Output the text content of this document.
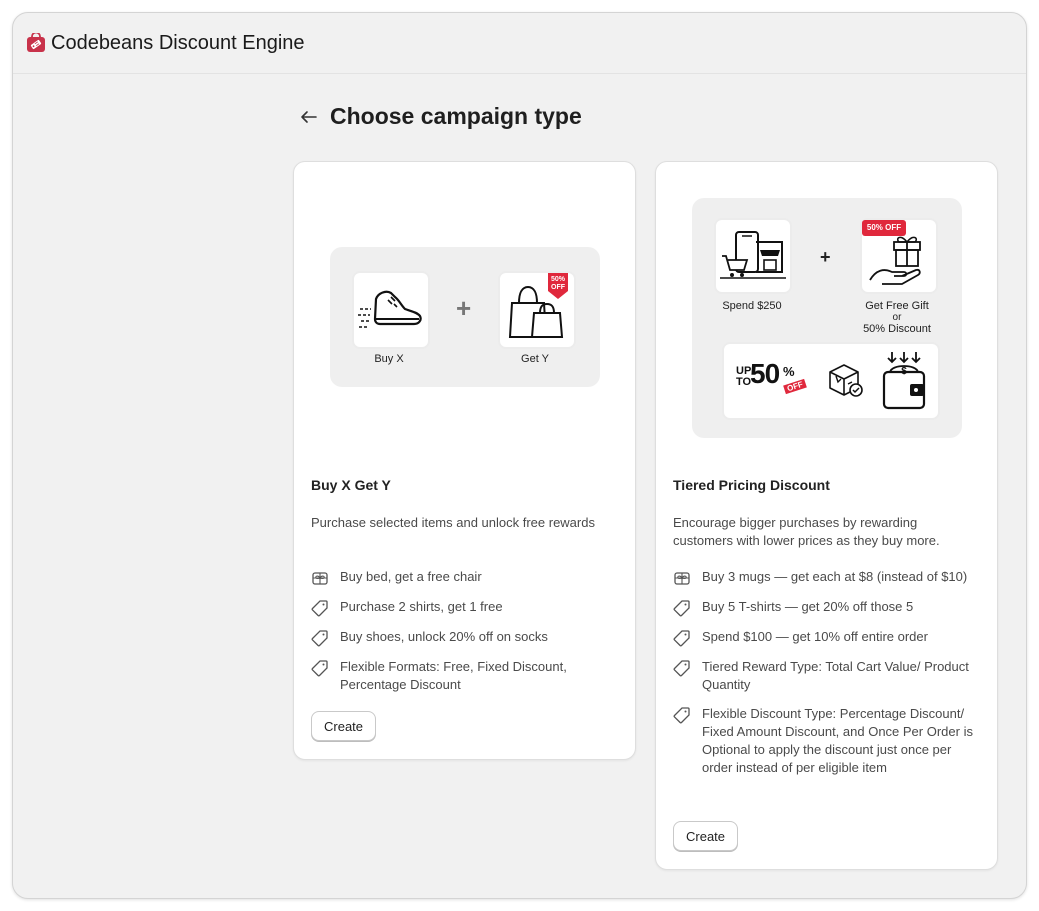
Codebeans Discount Engine
Choose campaign type
Buy X
+
50% OFF
Get Y
Buy X Get Y
Purchase selected items and unlock free rewards
Buy bed, get a free chair
Purchase 2 shirts, get 1 free
Buy shoes, unlock 20% off on socks
Flexible Formats: Free, Fixed Discount, Percentage Discount
Create
Spend $250
+
50% OFF
Get Free Gift
or
50% Discount
UP
TO
50 %
OFF
$
Tiered Pricing Discount
Encourage bigger purchases by rewarding customers with lower prices as they buy more.
Buy 3 mugs — get each at $8 (instead of $10)
Buy 5 T-shirts — get 20% off those 5
Spend $100 — get 10% off entire order
Tiered Reward Type: Total Cart Value/ Product Quantity
Flexible Discount Type: Percentage Discount/ Fixed Amount Discount, and Once Per Order is Optional to apply the discount just once per order instead of per eligible item
Create
